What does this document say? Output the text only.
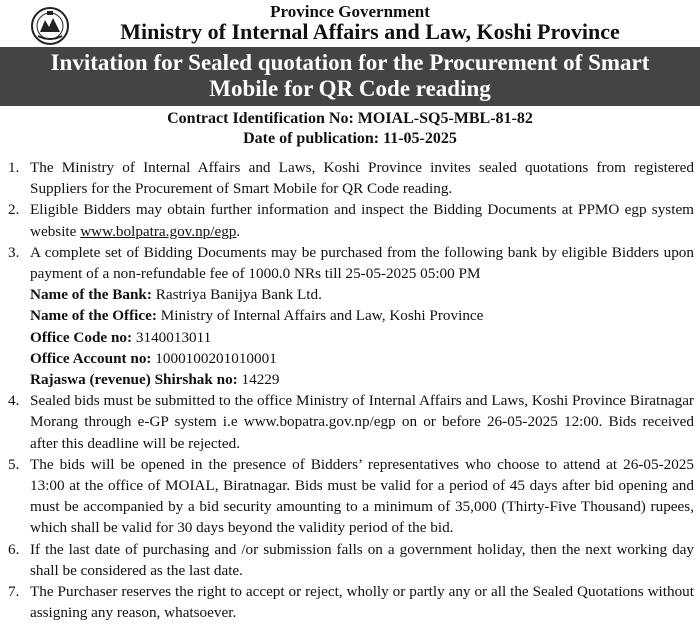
Province Government
Ministry of Internal Affairs and Law, Koshi Province
Invitation for Sealed quotation for the Procurement of Smart
Mobile for QR Code reading
Contract Identification No: MOIAL-SQ5-MBL-81-82
Date of publication: 11-05-2025
1. The Ministry of Internal Affairs and Laws, Koshi Province invites sealed quotations from registered Suppliers for the Procurement of Smart Mobile for QR Code reading.
2. Eligible Bidders may obtain further information and inspect the Bidding Documents at PPMO egp system website www.bolpatra.gov.np/egp.
3. A complete set of Bidding Documents may be purchased from the following bank by eligible Bidders upon payment of a non-refundable fee of 1000.0 NRs till 25-05-2025 05:00 PM
Name of the Bank: Rastriya Banijya Bank Ltd.
Name of the Office: Ministry of Internal Affairs and Law, Koshi Province
Office Code no: 3140013011
Office Account no: 1000100201010001
Rajaswa (revenue) Shirshak no: 14229
4. Sealed bids must be submitted to the office Ministry of Internal Affairs and Laws, Koshi Province Biratnagar Morang through e-GP system i.e www.bopatra.gov.np/egp on or before 26-05-2025 12:00. Bids received after this deadline will be rejected.
5. The bids will be opened in the presence of Bidders’ representatives who choose to attend at 26-05-2025 13:00 at the office of MOIAL, Biratnagar. Bids must be valid for a period of 45 days after bid opening and must be accompanied by a bid security amounting to a minimum of 35,000 (Thirty-Five Thousand) rupees, which shall be valid for 30 days beyond the validity period of the bid.
6. If the last date of purchasing and /or submission falls on a government holiday, then the next working day shall be considered as the last date.
7. The Purchaser reserves the right to accept or reject, wholly or partly any or all the Sealed Quotations without assigning any reason, whatsoever.
